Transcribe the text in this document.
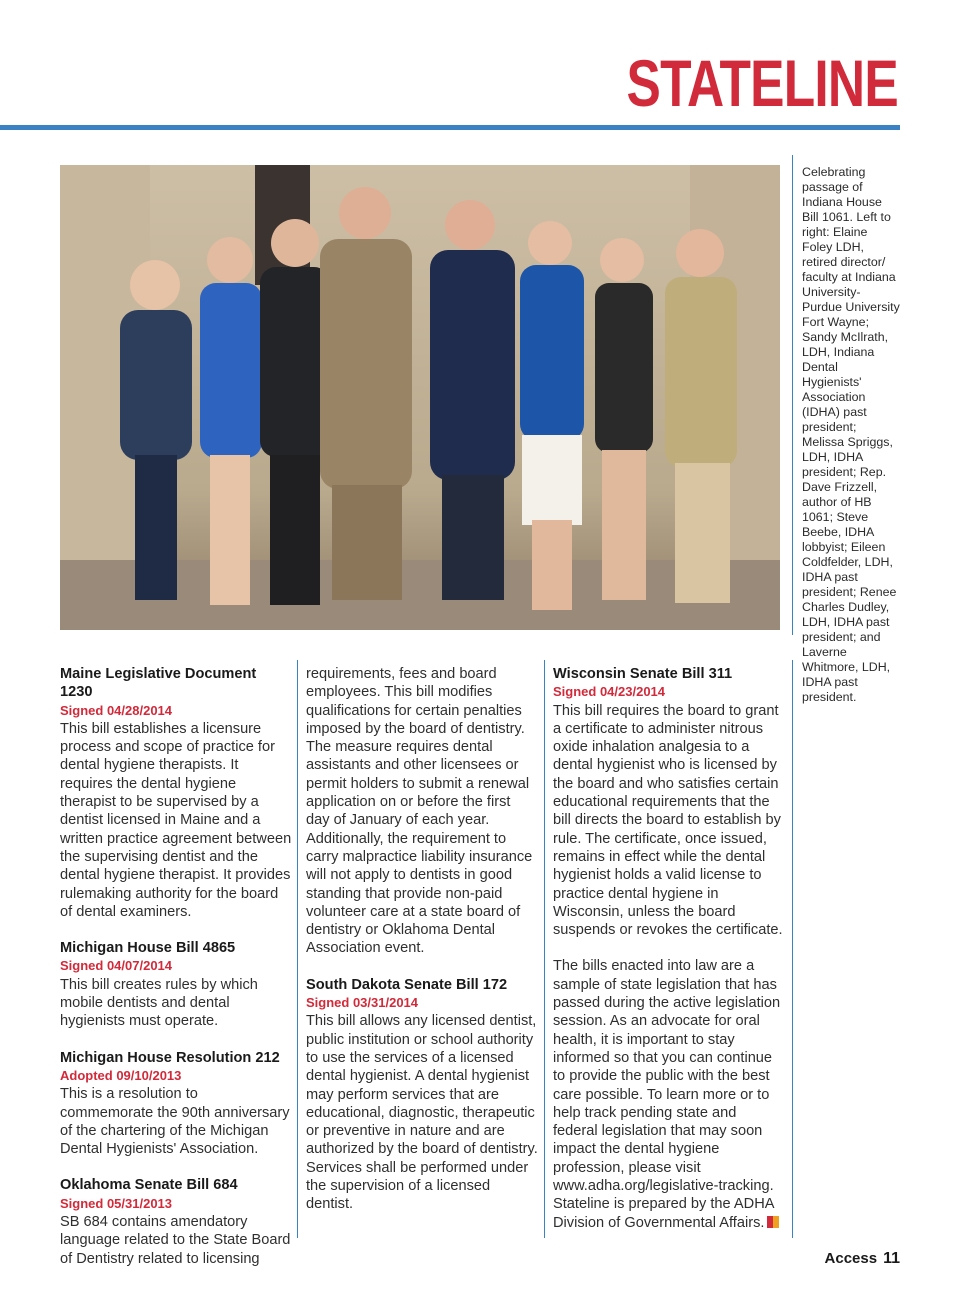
STATELINE
Celebrating passage of Indiana House Bill 1061. Left to right: Elaine Foley LDH, retired director/ faculty at Indiana University-Purdue University Fort Wayne; Sandy McIlrath, LDH, Indiana Dental Hygienists' Association (IDHA) past president; Melissa Spriggs, LDH, IDHA president; Rep. Dave Frizzell, author of HB 1061; Steve Beebe, IDHA lobbyist; Eileen Coldfelder, LDH, IDHA past president; Renee Charles Dudley, LDH, IDHA past president; and Laverne Whitmore, LDH, IDHA past president.
Maine Legislative Document 1230
Signed 04/28/2014

This bill establishes a licensure process and scope of practice for dental hygiene therapists. It requires the dental hygiene therapist to be supervised by a dentist licensed in Maine and a written practice agreement between the supervising dentist and the dental hygiene therapist. It provides rulemaking authority for the board of dental examiners.

Michigan House Bill 4865
Signed 04/07/2014

This bill creates rules by which mobile dentists and dental hygienists must operate.

Michigan House Resolution 212
Adopted 09/10/2013

This is a resolution to commemorate the 90th anniversary of the chartering of the Michigan Dental Hygienists' Association.

Oklahoma Senate Bill 684
Signed 05/31/2013

SB 684 contains amendatory language related to the State Board of Dentistry related to licensing

requirements, fees and board employees. This bill modifies qualifications for certain penalties imposed by the board of dentistry. The measure requires dental assistants and other licensees or permit holders to submit a renewal application on or before the first day of January of each year. Additionally, the requirement to carry malpractice liability insurance will not apply to dentists in good standing that provide non-paid volunteer care at a state board of dentistry or Oklahoma Dental Association event.

South Dakota Senate Bill 172
Signed 03/31/2014

This bill allows any licensed dentist, public institution or school authority to use the services of a licensed dental hygienist. A dental hygienist may perform services that are educational, diagnostic, therapeutic or preventive in nature and are authorized by the board of dentistry. Services shall be performed under the supervision of a licensed dentist.

Wisconsin Senate Bill 311
Signed 04/23/2014

This bill requires the board to grant a certificate to administer nitrous oxide inhalation analgesia to a dental hygienist who is licensed by the board and who satisfies certain educational requirements that the bill directs the board to establish by rule. The certificate, once issued, remains in effect while the dental hygienist holds a valid license to practice dental hygiene in Wisconsin, unless the board suspends or revokes the certificate.

The bills enacted into law are a sample of state legislation that has passed during the active legislation session. As an advocate for oral health, it is important to stay informed so that you can continue to provide the public with the best care possible. To learn more or to help track pending state and federal legislation that may soon impact the dental hygiene profession, please visit www.adha.org/legislative-tracking. Stateline is prepared by the ADHA Division of Governmental Affairs.

Access 11
